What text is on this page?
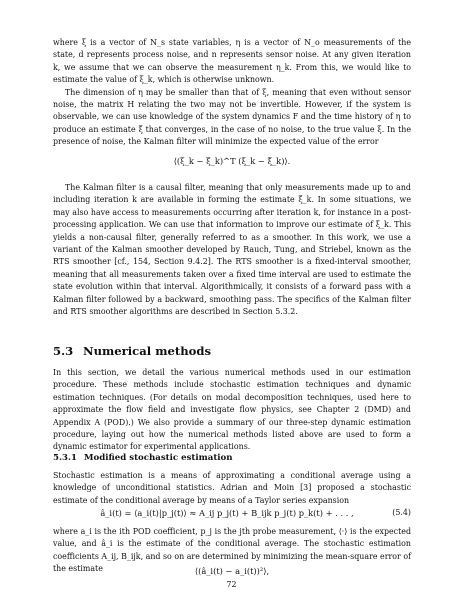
where ξ is a vector of N_s state variables, η is a vector of N_o measurements of the state, d represents process noise, and n represents sensor noise. At any given iteration k, we assume that we can observe the measurement η_k. From this, we would like to estimate the value of ξ_k, which is otherwise unknown.

The dimension of η may be smaller than that of ξ, meaning that even without sensor noise, the matrix H relating the two may not be invertible. However, if the system is observable, we can use knowledge of the system dynamics F and the time history of η to produce an estimate ξ̂ that converges, in the case of no noise, to the true value ξ. In the presence of noise, the Kalman filter will minimize the expected value of the error

⟨(ξ_k − ξ̂_k)^T (ξ_k − ξ̂_k)⟩.

The Kalman filter is a causal filter, meaning that only measurements made up to and including iteration k are available in forming the estimate ξ̂_k. In some situations, we may also have access to measurements occurring after iteration k, for instance in a post-processing application. We can use that information to improve our estimate of ξ_k. This yields a non-causal filter, generally referred to as a smoother. In this work, we use a variant of the Kalman smoother developed by Rauch, Tung, and Striebel, known as the RTS smoother [cf., 154, Section 9.4.2]. The RTS smoother is a fixed-interval smoother, meaning that all measurements taken over a fixed time interval are used to estimate the state evolution within that interval. Algorithmically, it consists of a forward pass with a Kalman filter followed by a backward, smoothing pass. The specifics of the Kalman filter and RTS smoother algorithms are described in Section 5.3.2.

5.3 Numerical methods

In this section, we detail the various numerical methods used in our estimation procedure. These methods include stochastic estimation techniques and dynamic estimation techniques. (For details on modal decomposition techniques, used here to approximate the flow field and investigate flow physics, see Chapter 2 (DMD) and Appendix A (POD).) We also provide a summary of our three-step dynamic estimation procedure, laying out how the numerical methods listed above are used to form a dynamic estimator for experimental applications.

5.3.1 Modified stochastic estimation

Stochastic estimation is a means of approximating a conditional average using a knowledge of unconditional statistics. Adrian and Moin [3] proposed a stochastic estimate of the conditional average by means of a Taylor series expansion

â_i(t) = ⟨a_i(t)|p_j(t)⟩ ≈ A_ij p_j(t) + B_ijk p_j(t) p_k(t) + . . . ,	(5.4)

where a_i is the ith POD coefficient, p_j is the jth probe measurement, ⟨·⟩ is the expected value, and â_i is the estimate of the conditional average. The stochastic estimation coefficients A_ij, B_ijk, and so on are determined by minimizing the mean-square error of the estimate	⟨(â_i(t) − a_i(t))²⟩,
72
